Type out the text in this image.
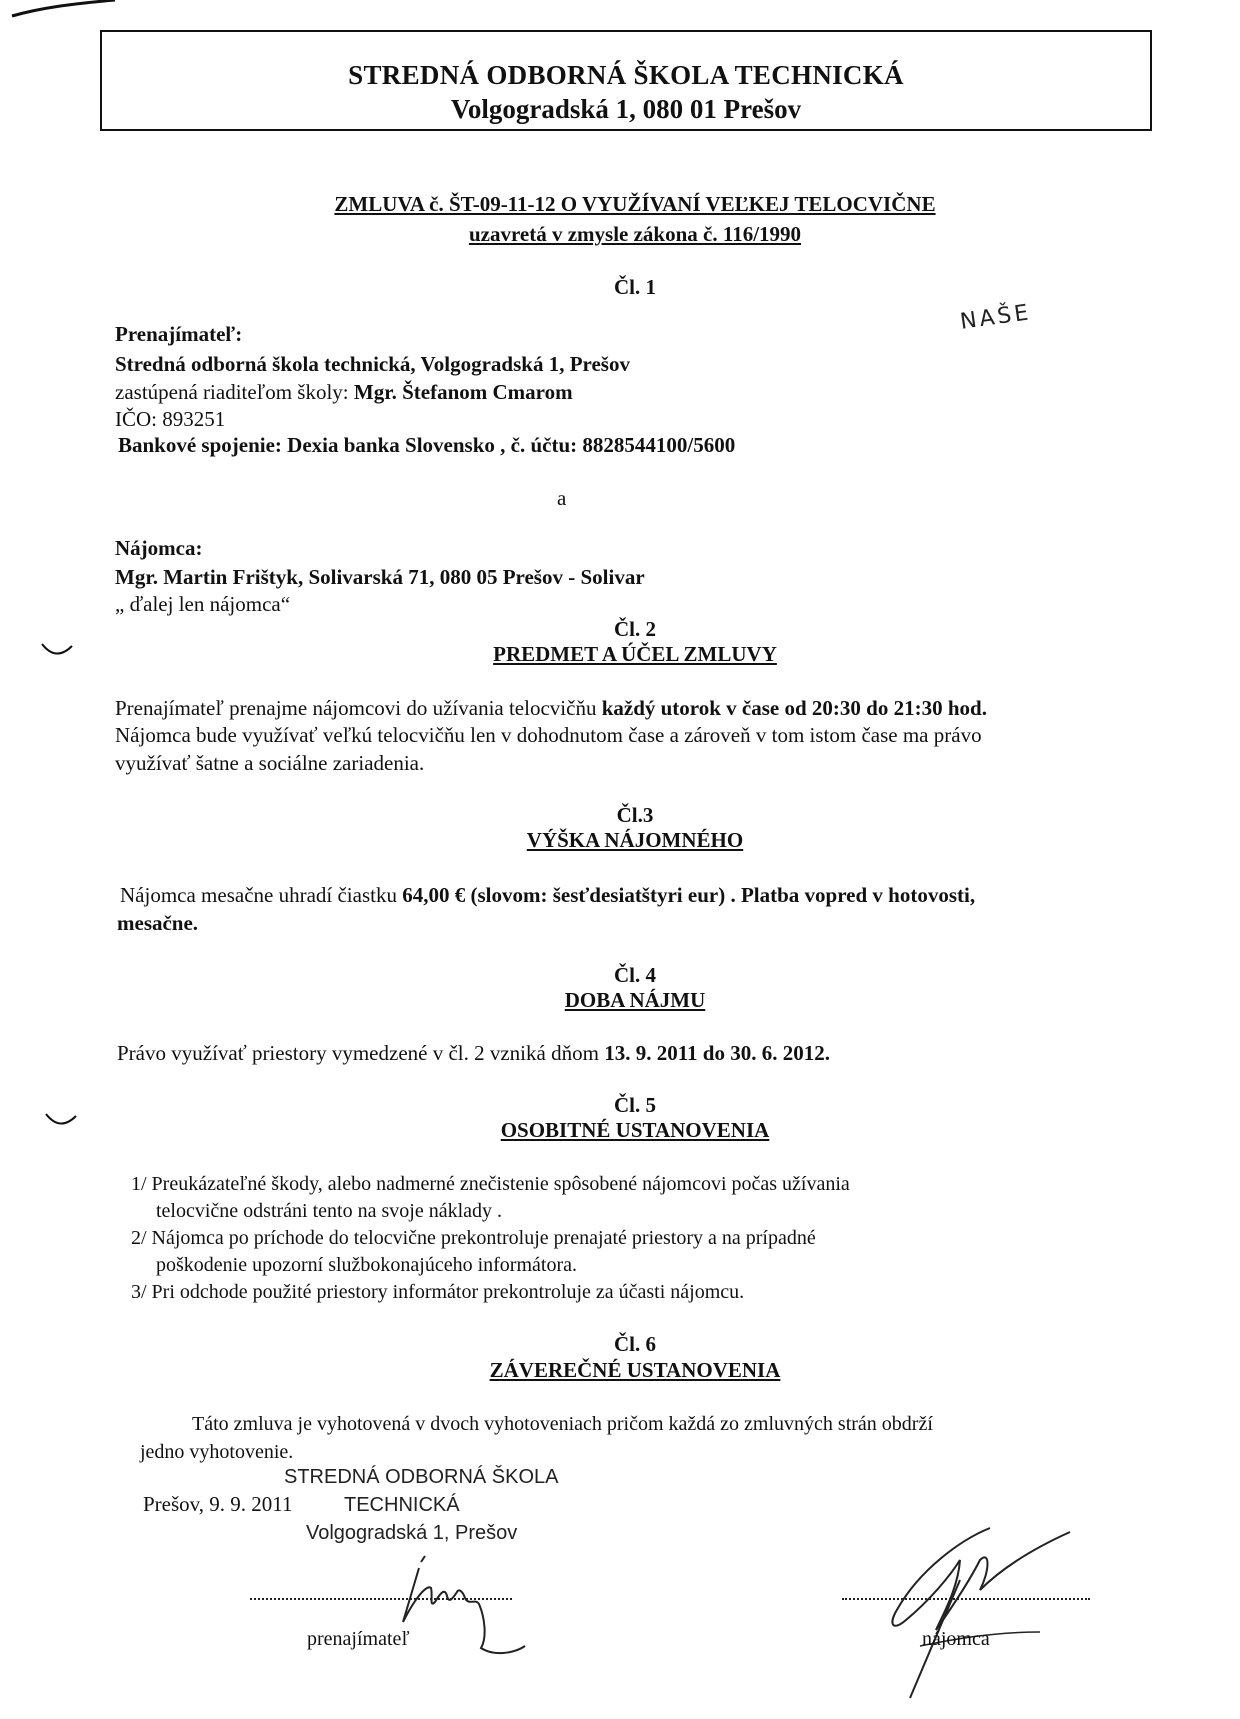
STREDNÁ ODBORNÁ ŠKOLA TECHNICKÁ
Volgogradská 1, 080 01 Prešov
ZMLUVA č. ŠT-09-11-12 O VYUŽÍVANÍ VEĽKEJ TELOCVIČNE
uzavretá v zmysle zákona č. 116/1990
NAŠE
Čl. 1
Prenajímateľ:
Stredná odborná škola technická, Volgogradská 1, Prešov
zastúpená riaditeľom školy: Mgr. Štefanom Cmarom
IČO: 893251
Bankové spojenie: Dexia banka Slovensko , č. účtu: 8828544100/5600
a
Nájomca:
Mgr. Martin Frištyk, Solivarská 71, 080 05 Prešov - Solivar
„ ďalej len nájomca“
Čl. 2
PREDMET A ÚČEL ZMLUVY
Prenajímateľ prenajme nájomcovi do užívania telocvičňu každý utorok v čase od 20:30 do 21:30 hod.
Nájomca bude využívať veľkú telocvičňu len v dohodnutom čase a zároveň v tom istom čase ma právo
využívať šatne a sociálne zariadenia.
Čl.3
VÝŠKA NÁJOMNÉHO
Nájomca mesačne uhradí čiastku 64,00 € (slovom: šesťdesiatštyri eur) . Platba vopred v hotovosti,
mesačne.
Čl. 4
DOBA NÁJMU
Právo využívať priestory vymedzené v čl. 2 vzniká dňom 13. 9. 2011 do 30. 6. 2012.
Čl. 5
OSOBITNÉ USTANOVENIA
1/ Preukázateľné škody, alebo nadmerné znečistenie spôsobené nájomcovi počas užívania
telocvične odstráni tento na svoje náklady .
2/ Nájomca po príchode do telocvične prekontroluje prenajaté priestory a na prípadné
poškodenie upozorní službokonajúceho informátora.
3/ Pri odchode použité priestory informátor prekontroluje za účasti nájomcu.
Čl. 6
ZÁVEREČNÉ USTANOVENIA
Táto zmluva je vyhotovená v dvoch vyhotoveniach pričom každá zo zmluvných strán obdrží
jedno vyhotovenie.
Prešov, 9. 9. 2011
STREDNÁ ODBORNÁ ŠKOLA
TECHNICKÁ
Volgogradská 1, Prešov
prenajímateľ	nájomca
